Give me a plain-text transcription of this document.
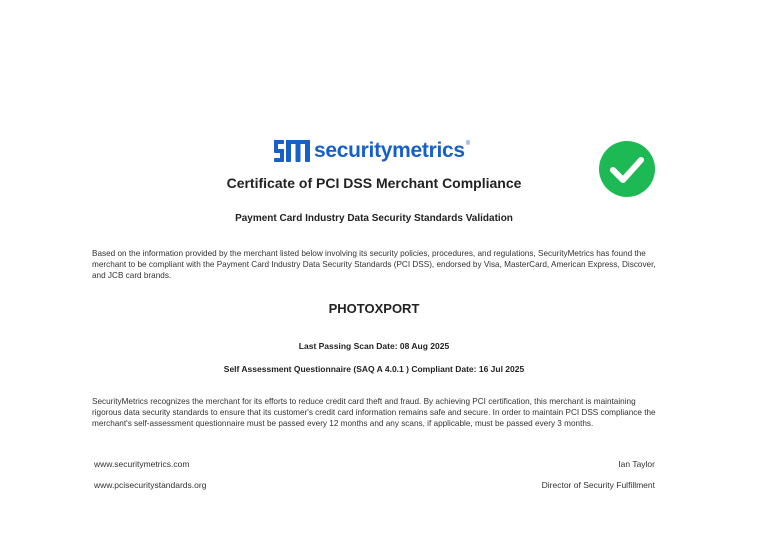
securitymetrics ®
Certificate of PCI DSS Merchant Compliance
Payment Card Industry Data Security Standards Validation
Based on the information provided by the merchant listed below involving its security policies, procedures, and regulations, SecurityMetrics has found the merchant to be compliant with the Payment Card Industry Data Security Standards (PCI DSS), endorsed by Visa, MasterCard, American Express, Discover, and JCB card brands.
PHOTOXPORT
Last Passing Scan Date: 08 Aug 2025
Self Assessment Questionnaire (SAQ A 4.0.1 ) Compliant Date: 16 Jul 2025
SecurityMetrics recognizes the merchant for its efforts to reduce credit card theft and fraud. By achieving PCI certification, this merchant is maintaining rigorous data security standards to ensure that its customer's credit card information remains safe and secure. In order to maintain PCI DSS compliance the merchant's self-assessment questionnaire must be passed every 12 months and any scans, if applicable, must be passed every 3 months.
www.securitymetrics.com
www.pcisecuritystandards.org
Ian Taylor
Director of Security Fulfillment
